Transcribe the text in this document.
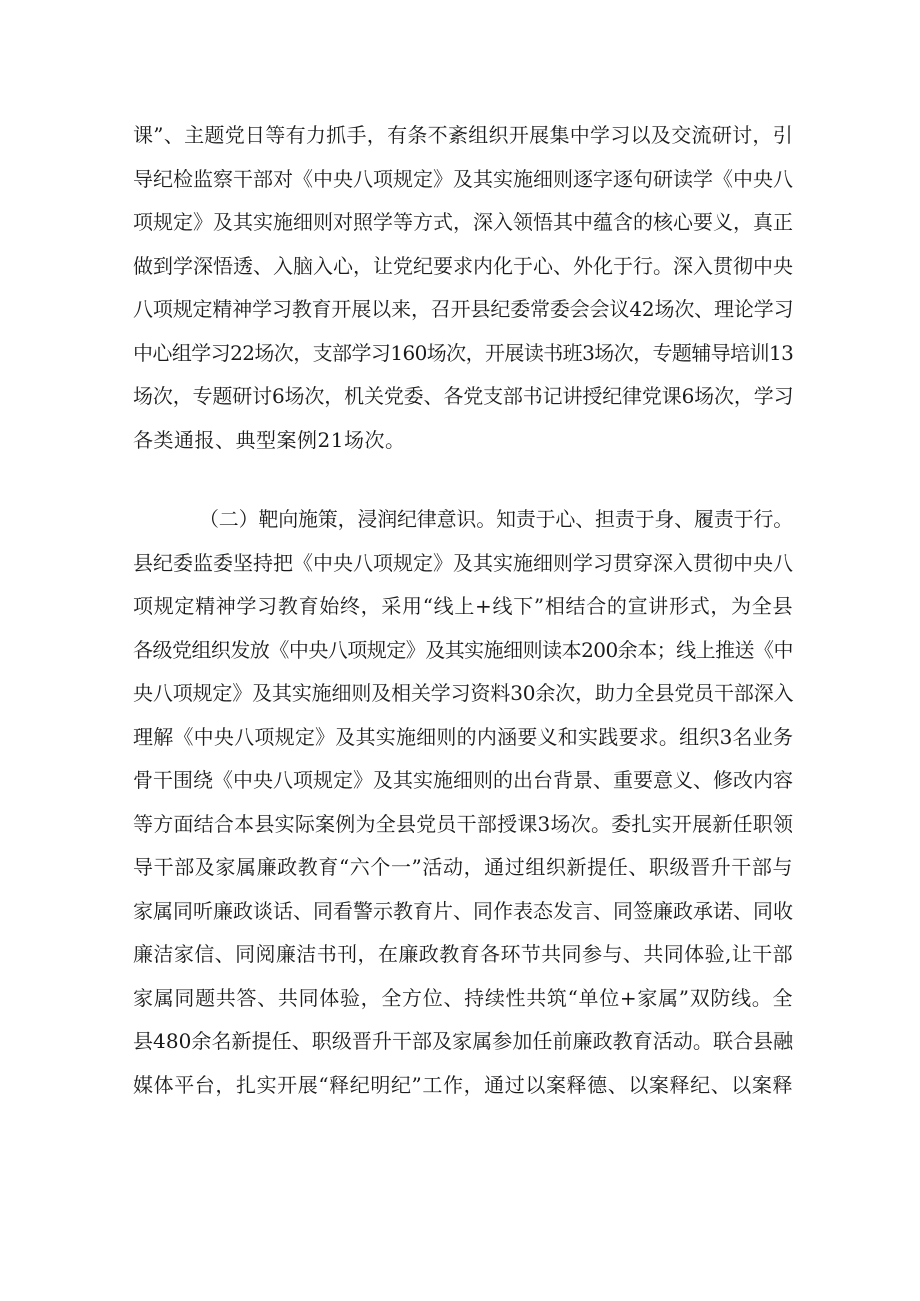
课”、主题党日等有力抓手，有条不紊组织开展集中学习以及交流研讨，引
导纪检监察干部对《中央八项规定》及其实施细则逐字逐句研读学《中央八
项规定》及其实施细则对照学等方式，深入领悟其中蕴含的核心要义，真正
做到学深悟透、入脑入心，让党纪要求内化于心、外化于行。深入贯彻中央
八项规定精神学习教育开展以来，召开县纪委常委会会议42场次、理论学习
中心组学习22场次，支部学习160场次，开展读书班3场次，专题辅导培训13
场次，专题研讨6场次，机关党委、各党支部书记讲授纪律党课6场次，学习
各类通报、典型案例21场次。
（二）靶向施策，浸润纪律意识。知责于心、担责于身、履责于行。
县纪委监委坚持把《中央八项规定》及其实施细则学习贯穿深入贯彻中央八
项规定精神学习教育始终，采用“线上+线下”相结合的宣讲形式，为全县
各级党组织发放《中央八项规定》及其实施细则读本200余本；线上推送《中
央八项规定》及其实施细则及相关学习资料30余次，助力全县党员干部深入
理解《中央八项规定》及其实施细则的内涵要义和实践要求。组织3名业务
骨干围绕《中央八项规定》及其实施细则的出台背景、重要意义、修改内容
等方面结合本县实际案例为全县党员干部授课3场次。委扎实开展新任职领
导干部及家属廉政教育“六个一”活动，通过组织新提任、职级晋升干部与
家属同听廉政谈话、同看警示教育片、同作表态发言、同签廉政承诺、同收
廉洁家信、同阅廉洁书刊，在廉政教育各环节共同参与、共同体验,让干部
家属同题共答、共同体验，全方位、持续性共筑“单位+家属”双防线。全
县480余名新提任、职级晋升干部及家属参加任前廉政教育活动。联合县融
媒体平台，扎实开展“释纪明纪”工作，通过以案释德、以案释纪、以案释
